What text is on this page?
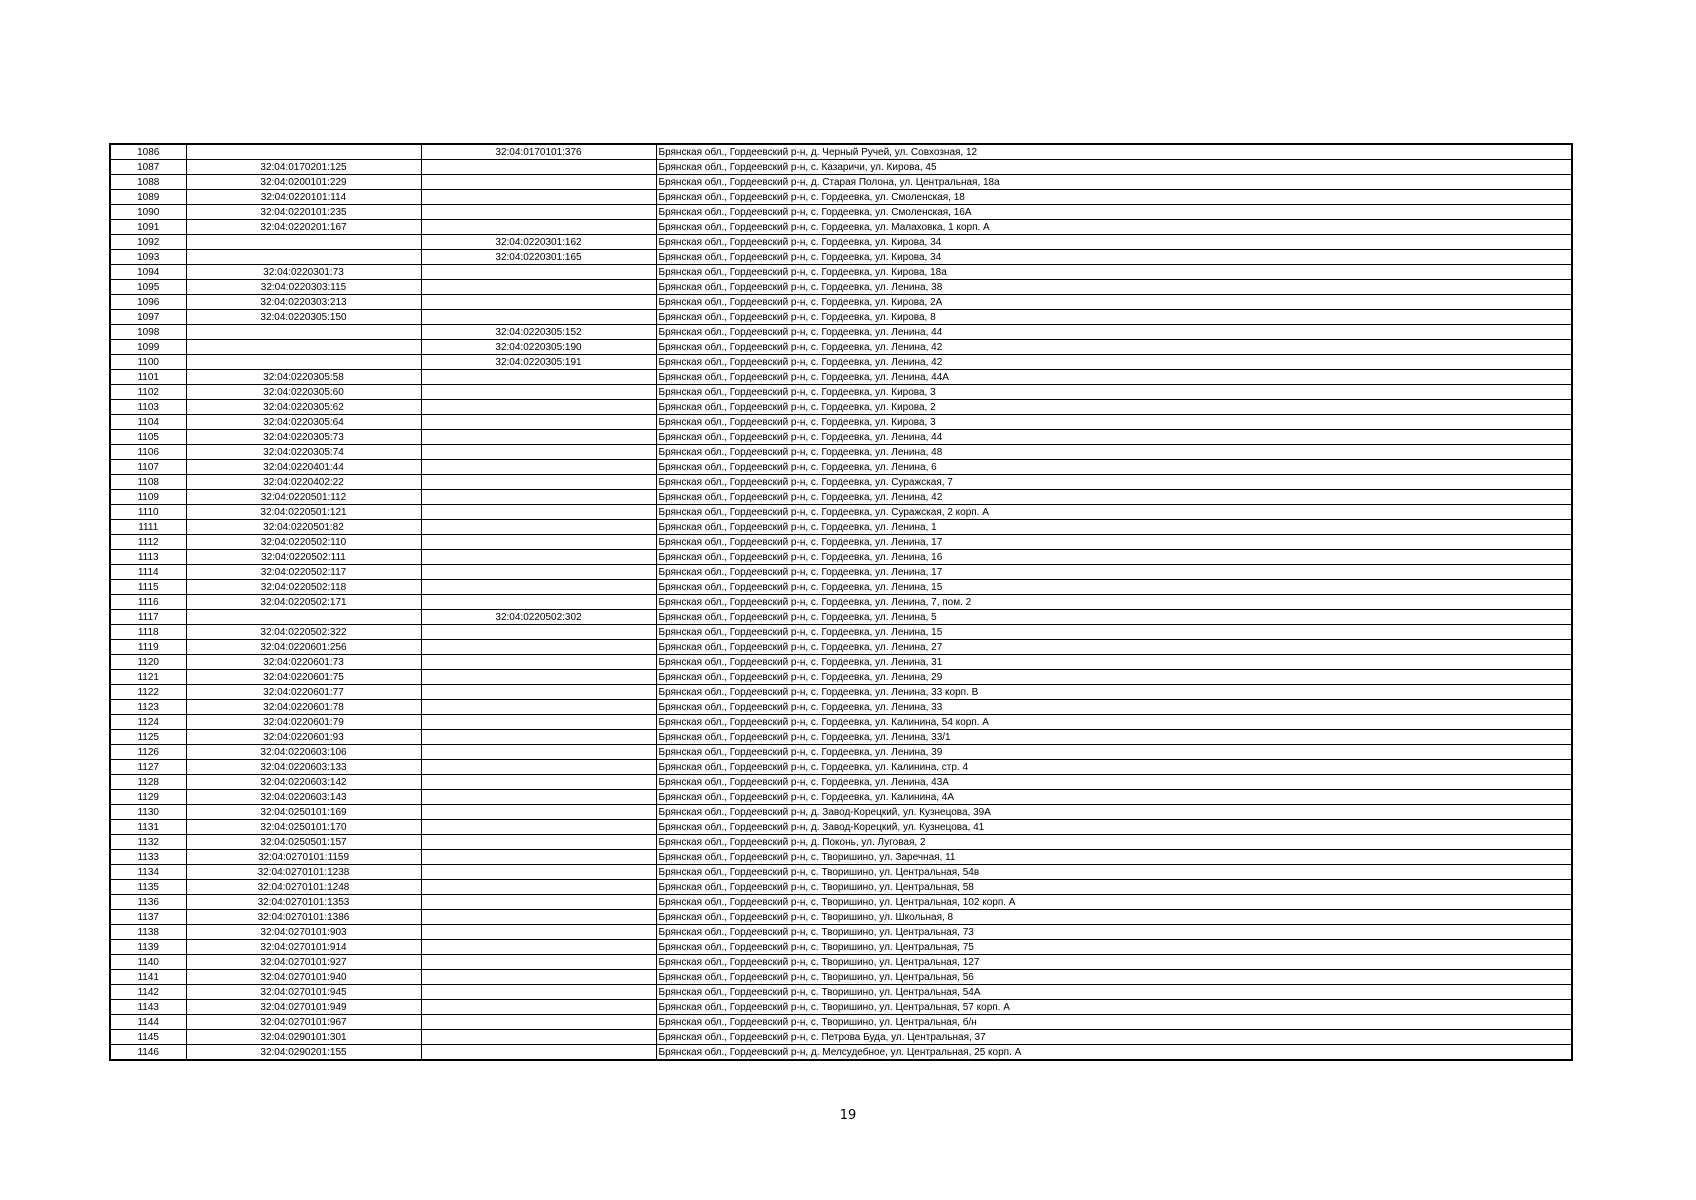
1086		32:04:0170101:376	Брянская обл., Гордеевский р-н, д. Черный Ручей, ул. Совхозная, 12
1087	32:04:0170201:125		Брянская обл., Гордеевский р-н, с. Казаричи, ул. Кирова, 45
1088	32:04:0200101:229		Брянская обл., Гордеевский р-н, д. Старая Полона, ул. Центральная, 18а
1089	32:04:0220101:114		Брянская обл., Гордеевский р-н, с. Гордеевка, ул. Смоленская, 18
1090	32:04:0220101:235		Брянская обл., Гордеевский р-н, с. Гордеевка, ул. Смоленская, 16А
1091	32:04:0220201:167		Брянская обл., Гордеевский р-н, с. Гордеевка, ул. Малаховка, 1 корп. А
1092		32:04:0220301:162	Брянская обл., Гордеевский р-н, с. Гордеевка, ул. Кирова, 34
1093		32:04:0220301:165	Брянская обл., Гордеевский р-н, с. Гордеевка, ул. Кирова, 34
1094	32:04:0220301:73		Брянская обл., Гордеевский р-н, с. Гордеевка, ул. Кирова, 18а
1095	32:04:0220303:115		Брянская обл., Гордеевский р-н, с. Гордеевка, ул. Ленина, 38
1096	32:04:0220303:213		Брянская обл., Гордеевский р-н, с. Гордеевка, ул. Кирова, 2А
1097	32:04:0220305:150		Брянская обл., Гордеевский р-н, с. Гордеевка, ул. Кирова, 8
1098		32:04:0220305:152	Брянская обл., Гордеевский р-н, с. Гордеевка, ул. Ленина, 44
1099		32:04:0220305:190	Брянская обл., Гордеевский р-н, с. Гордеевка, ул. Ленина, 42
1100		32:04:0220305:191	Брянская обл., Гордеевский р-н, с. Гордеевка, ул. Ленина, 42
1101	32:04:0220305:58		Брянская обл., Гордеевский р-н, с. Гордеевка, ул. Ленина, 44А
1102	32:04:0220305:60		Брянская обл., Гордеевский р-н, с. Гордеевка, ул. Кирова, 3
1103	32:04:0220305:62		Брянская обл., Гордеевский р-н, с. Гордеевка, ул. Кирова, 2
1104	32:04:0220305:64		Брянская обл., Гордеевский р-н, с. Гордеевка, ул. Кирова, 3
1105	32:04:0220305:73		Брянская обл., Гордеевский р-н, с. Гордеевка, ул. Ленина, 44
1106	32:04:0220305:74		Брянская обл., Гордеевский р-н, с. Гордеевка, ул. Ленина, 48
1107	32:04:0220401:44		Брянская обл., Гордеевский р-н, с. Гордеевка, ул. Ленина, 6
1108	32:04:0220402:22		Брянская обл., Гордеевский р-н, с. Гордеевка, ул. Суражская, 7
1109	32:04:0220501:112		Брянская обл., Гордеевский р-н, с. Гордеевка, ул. Ленина, 42
1110	32:04:0220501:121		Брянская обл., Гордеевский р-н, с. Гордеевка, ул. Суражская, 2 корп. А
1111	32:04:0220501:82		Брянская обл., Гордеевский р-н, с. Гордеевка, ул. Ленина, 1
1112	32:04:0220502:110		Брянская обл., Гордеевский р-н, с. Гордеевка, ул. Ленина, 17
1113	32:04:0220502:111		Брянская обл., Гордеевский р-н, с. Гордеевка, ул. Ленина, 16
1114	32:04:0220502:117		Брянская обл., Гордеевский р-н, с. Гордеевка, ул. Ленина, 17
1115	32:04:0220502:118		Брянская обл., Гордеевский р-н, с. Гордеевка, ул. Ленина, 15
1116	32:04:0220502:171		Брянская обл., Гордеевский р-н, с. Гордеевка, ул. Ленина, 7, пом. 2
1117		32:04:0220502:302	Брянская обл., Гордеевский р-н, с. Гордеевка, ул. Ленина, 5
1118	32:04:0220502:322		Брянская обл., Гордеевский р-н, с. Гордеевка, ул. Ленина, 15
1119	32:04:0220601:256		Брянская обл., Гордеевский р-н, с. Гордеевка, ул. Ленина, 27
1120	32:04:0220601:73		Брянская обл., Гордеевский р-н, с. Гордеевка, ул. Ленина, 31
1121	32:04:0220601:75		Брянская обл., Гордеевский р-н, с. Гордеевка, ул. Ленина, 29
1122	32:04:0220601:77		Брянская обл., Гордеевский р-н, с. Гордеевка, ул. Ленина, 33 корп. В
1123	32:04:0220601:78		Брянская обл., Гордеевский р-н, с. Гордеевка, ул. Ленина, 33
1124	32:04:0220601:79		Брянская обл., Гордеевский р-н, с. Гордеевка, ул. Калинина, 54 корп. А
1125	32:04:0220601:93		Брянская обл., Гордеевский р-н, с. Гордеевка, ул. Ленина, 33/1
1126	32:04:0220603:106		Брянская обл., Гордеевский р-н, с. Гордеевка, ул. Ленина, 39
1127	32:04:0220603:133		Брянская обл., Гордеевский р-н, с. Гордеевка, ул. Калинина, стр. 4
1128	32:04:0220603:142		Брянская обл., Гордеевский р-н, с. Гордеевка, ул. Ленина, 43А
1129	32:04:0220603:143		Брянская обл., Гордеевский р-н, с. Гордеевка, ул. Калинина, 4А
1130	32:04:0250101:169		Брянская обл., Гордеевский р-н, д. Завод-Корецкий, ул. Кузнецова, 39А
1131	32:04:0250101:170		Брянская обл., Гордеевский р-н, д. Завод-Корецкий, ул. Кузнецова, 41
1132	32:04:0250501:157		Брянская обл., Гордеевский р-н, д. Поконь, ул. Луговая, 2
1133	32:04:0270101:1159		Брянская обл., Гордеевский р-н, с. Творишино, ул. Заречная, 11
1134	32:04:0270101:1238		Брянская обл., Гордеевский р-н, с. Творишино, ул. Центральная, 54в
1135	32:04:0270101:1248		Брянская обл., Гордеевский р-н, с. Творишино, ул. Центральная, 58
1136	32:04:0270101:1353		Брянская обл., Гордеевский р-н, с. Творишино, ул. Центральная, 102 корп. А
1137	32:04:0270101:1386		Брянская обл., Гордеевский р-н, с. Творишино, ул. Школьная, 8
1138	32:04:0270101:903		Брянская обл., Гордеевский р-н, с. Творишино, ул. Центральная, 73
1139	32:04:0270101:914		Брянская обл., Гордеевский р-н, с. Творишино, ул. Центральная, 75
1140	32:04:0270101:927		Брянская обл., Гордеевский р-н, с. Творишино, ул. Центральная, 127
1141	32:04:0270101:940		Брянская обл., Гордеевский р-н, с. Творишино, ул. Центральная, 56
1142	32:04:0270101:945		Брянская обл., Гордеевский р-н, с. Творишино, ул. Центральная, 54А
1143	32:04:0270101:949		Брянская обл., Гордеевский р-н, с. Творишино, ул. Центральная, 57 корп. А
1144	32:04:0270101:967		Брянская обл., Гордеевский р-н, с. Творишино, ул. Центральная, б/н
1145	32:04:0290101:301		Брянская обл., Гордеевский р-н, с. Петрова Буда, ул. Центральная, 37
1146	32:04:0290201:155		Брянская обл., Гордеевский р-н, д. Мелсудебное, ул. Центральная, 25 корп. А
19
